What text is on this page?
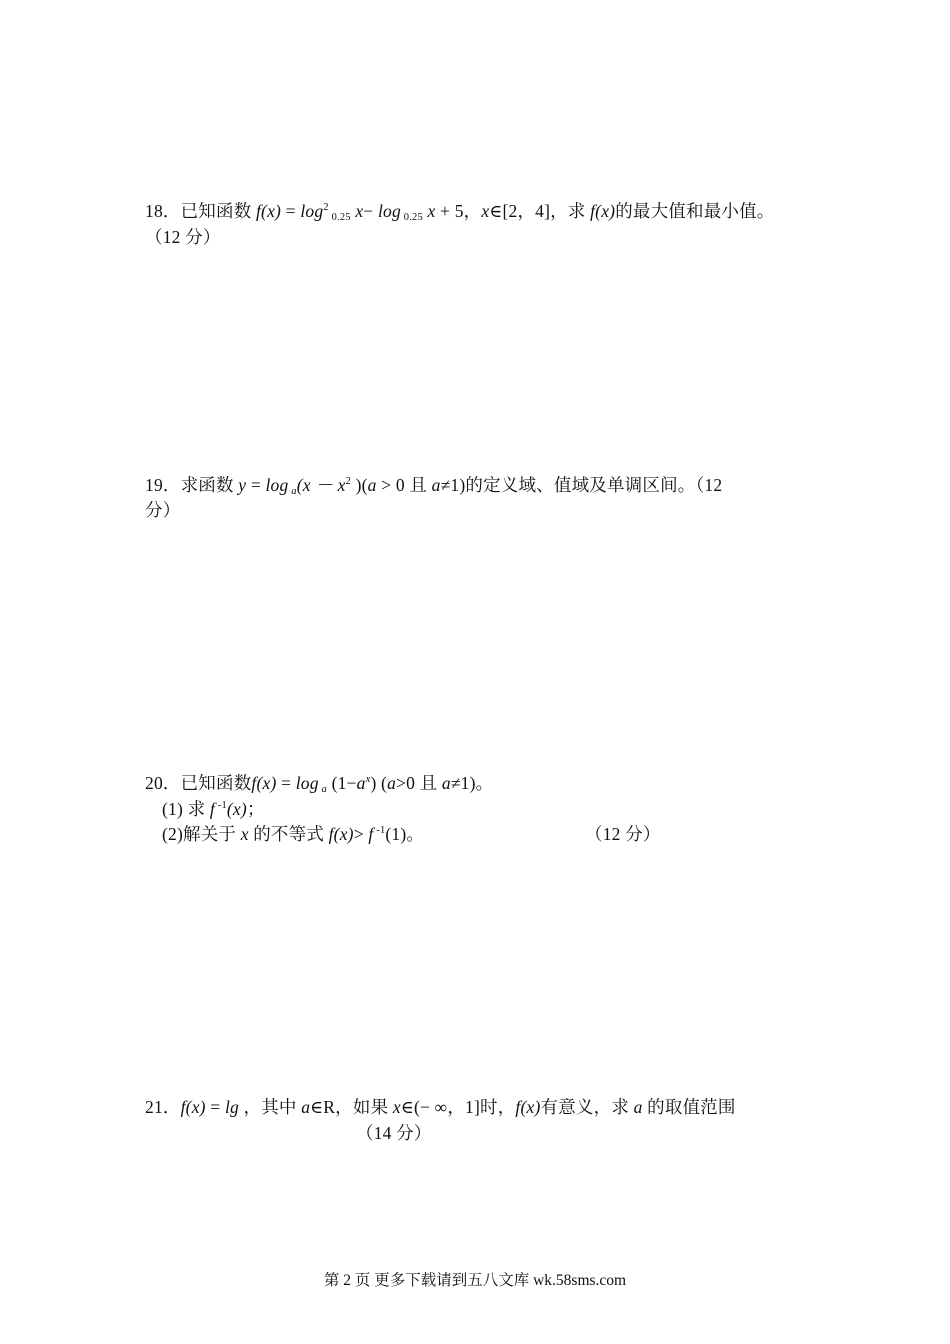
18．已知函数 $f(x) = \log^2 _{0.25}$ x− log $_{0.25}$ x + 5，x∈[2，4]，求 f(x)的最大值和最小值。
（12 分）
19．求函数 $y = \log _a(x - x^2$ )(a > 0 且 a≠1)的定义域、值域及单调区间。（12
分）
20．已知函数f(x) = log $_a$ $(1-a^x)$ (a>0 且 a≠1)。
(1) 求 f $^{-1}$(x)；
(2)解关于 x 的不等式 f(x)> f $^{-1}$(1)。	（12 分）
21．f(x) = lg ，其中 a∈R，如果 x∈(− ∞，1]时，f(x)有意义，求 a 的取值范围
（14 分）
第 2 页 更多下载请到五八文库 wk.58sms.com
